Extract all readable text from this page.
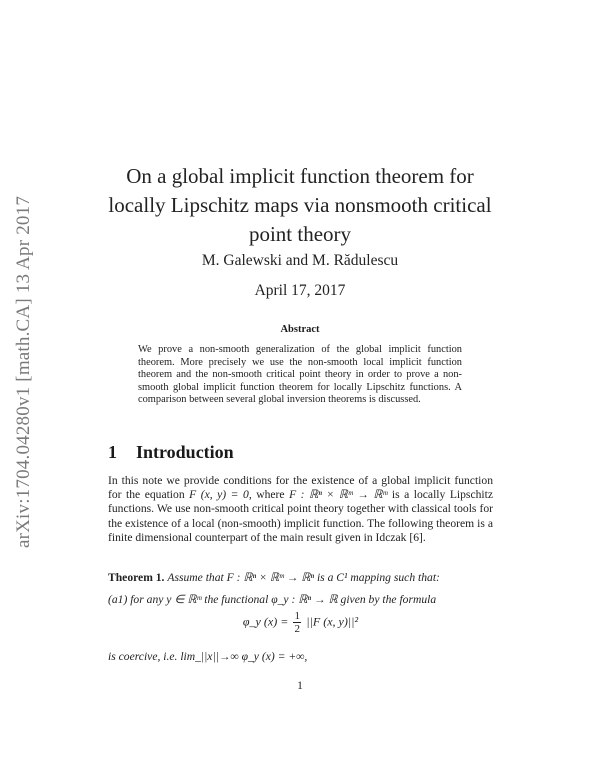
arXiv:1704.04280v1 [math.CA] 13 Apr 2017
On a global implicit function theorem for
locally Lipschitz maps via nonsmooth critical
point theory
M. Galewski and M. Rădulescu
April 17, 2017
Abstract
We prove a non-smooth generalization of the global implicit function theorem. More precisely we use the non-smooth local implicit function theorem and the non-smooth critical point theory in order to prove a non-smooth global implicit function theorem for locally Lipschitz functions. A comparison between several global inversion theorems is discussed.
1 Introduction
In this note we provide conditions for the existence of a global implicit function for the equation F (x, y) = 0, where F : ℝⁿ × ℝᵐ → ℝᵐ is a locally Lipschitz functions. We use non-smooth critical point theory together with classical tools for the existence of a local (non-smooth) implicit function. The following theorem is a finite dimensional counterpart of the main result given in Idczak [6].
Theorem 1. Assume that F : ℝⁿ × ℝᵐ → ℝⁿ is a C¹ mapping such that:
(a1) for any y ∈ ℝᵐ the functional φ_y : ℝⁿ → ℝ given by the formula
φ_y $(x) = \frac{1}{2} ||F$ (x, y)||²
is coercive, i.e. lim_||x||→∞ φ_y (x) = +∞,
1
